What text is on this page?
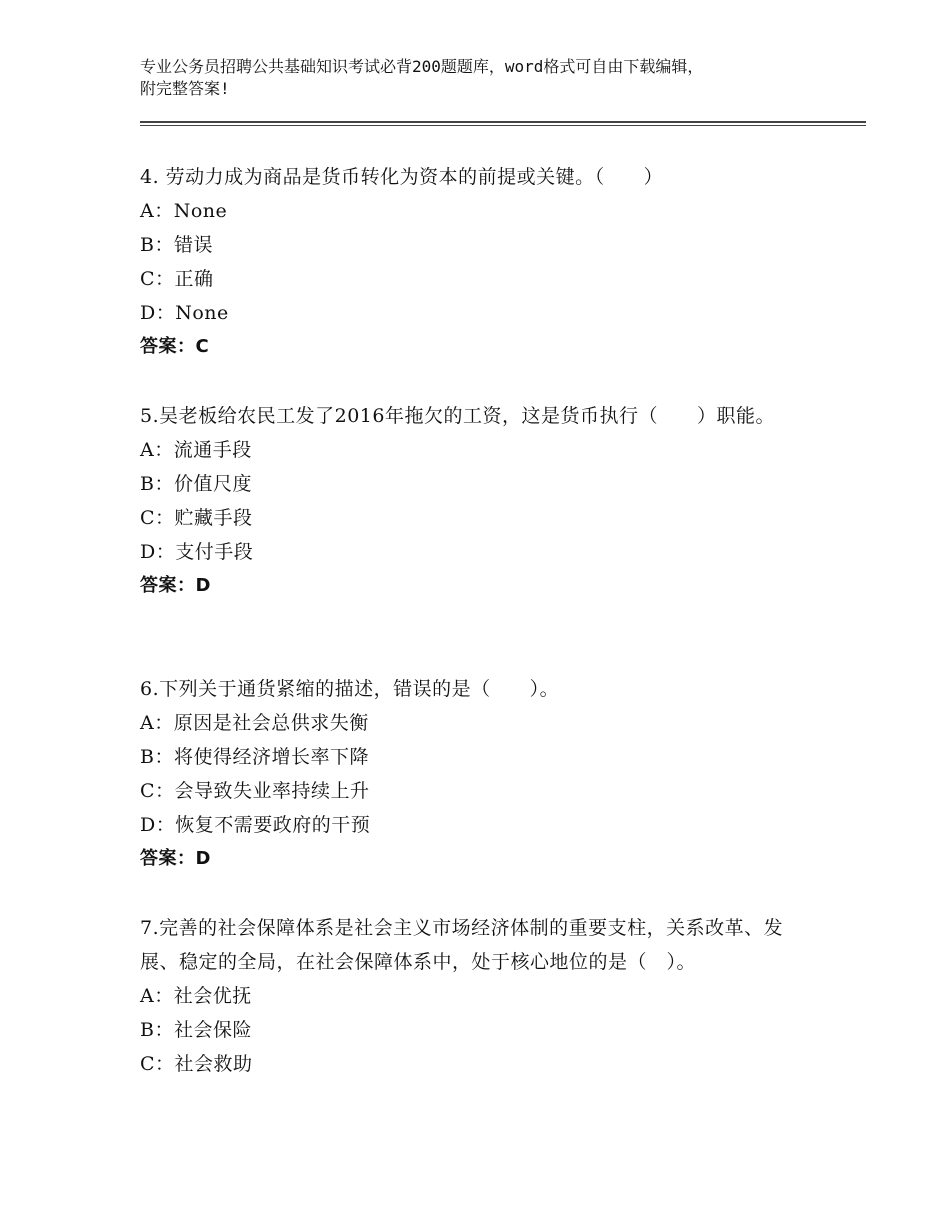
专业公务员招聘公共基础知识考试必背200题题库，word格式可自由下载编辑，
附完整答案!
4. 劳动力成为商品是货币转化为资本的前提或关键。（　　）
A：None
B：错误
C：正确
D：None
答案：C
5.吴老板给农民工发了2016年拖欠的工资，这是货币执行（　　）职能。
A：流通手段
B：价值尺度
C：贮藏手段
D：支付手段
答案：D
6.下列关于通货紧缩的描述，错误的是（　　）。
A：原因是社会总供求失衡
B：将使得经济增长率下降
C：会导致失业率持续上升
D：恢复不需要政府的干预
答案：D
7.完善的社会保障体系是社会主义市场经济体制的重要支柱，关系改革、发展、稳定的全局，在社会保障体系中，处于核心地位的是（　）。
A：社会优抚
B：社会保险
C：社会救助
